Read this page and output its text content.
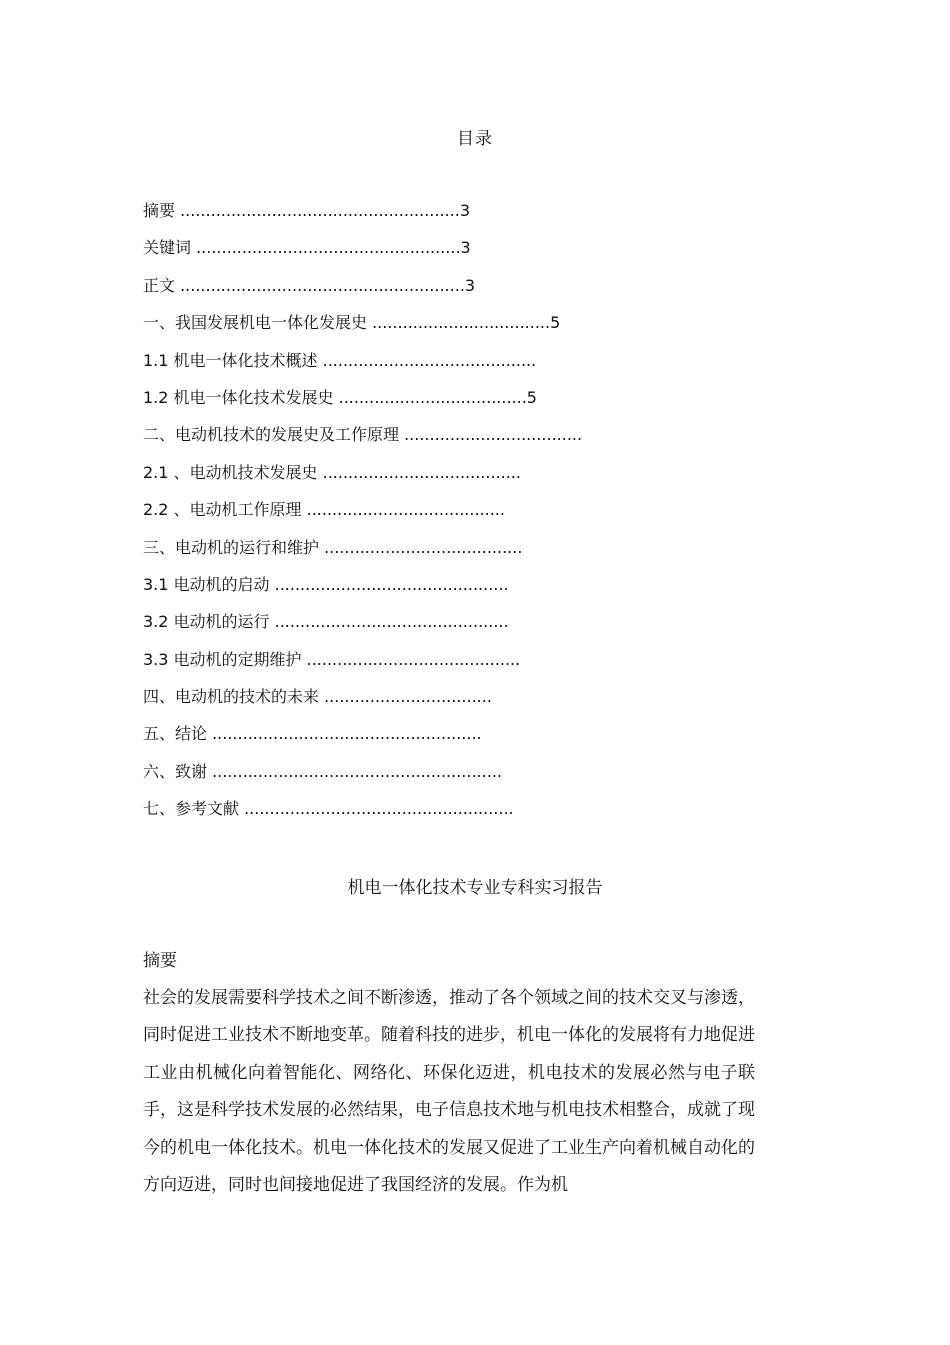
目录
摘要 .......................................................3
关键词 ....................................................3
正文 ........................................................3
一、我国发展机电一体化发展史 ...................................5
1.1 机电一体化技术概述 ..........................................
1.2 机电一体化技术发展史 .....................................5
二、电动机技术的发展史及工作原理 ...................................
2.1 、电动机技术发展史 .......................................
2.2 、电动机工作原理 .......................................
三、电动机的运行和维护 .......................................
3.1 电动机的启动 ..............................................
3.2 电动机的运行 ..............................................
3.3 电动机的定期维护 ..........................................
四、电动机的技术的未来 .................................
五、结论 .....................................................
六、致谢 .........................................................
七、参考文献 .....................................................
机电一体化技术专业专科实习报告
摘要
社会的发展需要科学技术之间不断渗透，推动了各个领域之间的技术交叉与渗透，同时促进工业技术不断地变革。随着科技的进步，机电一体化的发展将有力地促进工业由机械化向着智能化、网络化、环保化迈进，机电技术的发展必然与电子联手，这是科学技术发展的必然结果，电子信息技术地与机电技术相整合，成就了现今的机电一体化技术。机电一体化技术的发展又促进了工业生产向着机械自动化的方向迈进，同时也间接地促进了我国经济的发展。作为机
